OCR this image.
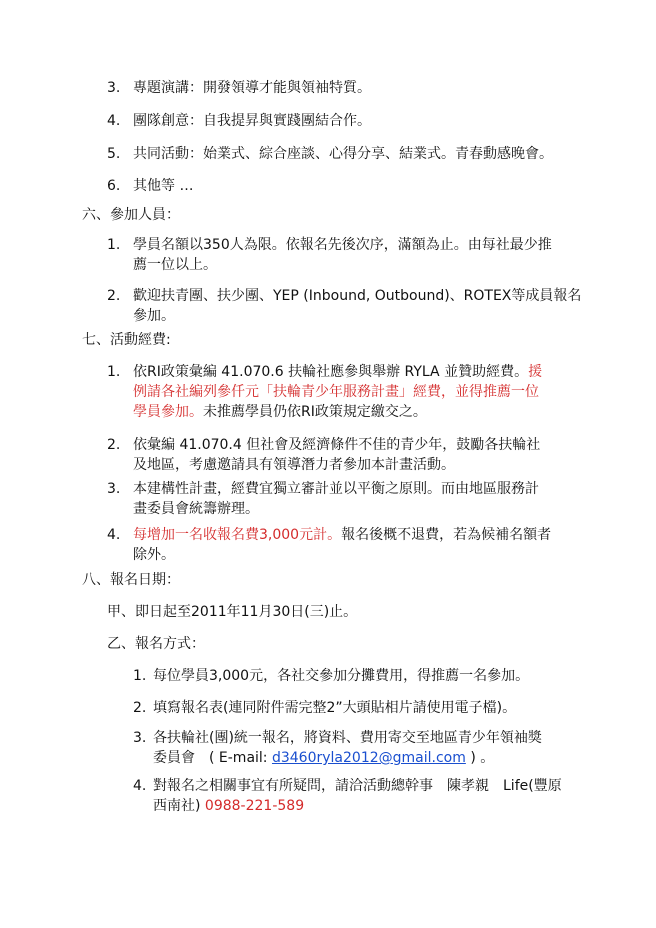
3. 專題演講：開發領導才能與領袖特質。
4. 團隊創意：自我提昇與實踐團結合作。
5. 共同活動：始業式、綜合座談、心得分享、結業式。青春動感晚會。
6. 其他等 …
六、參加人員：
1. 學員名額以350人為限。依報名先後次序，滿額為止。由每社最少推
薦一位以上。
2. 歡迎扶青團、扶少團、YEP (Inbound, Outbound)、ROTEX等成員報名
參加。
七、活動經費:
1. 依RI政策彙編 41.070.6 扶輪社應參與舉辦 RYLA 並贊助經費。援
例請各社編列參仟元「扶輪青少年服務計畫」經費，並得推薦一位
學員參加。未推薦學員仍依RI政策規定繳交之。
2. 依彙編 41.070.4 但社會及經濟條件不佳的青少年，鼓勵各扶輪社
及地區，考慮邀請具有領導潛力者參加本計畫活動。
3. 本建構性計畫，經費宜獨立審計並以平衡之原則。而由地區服務計
畫委員會統籌辦理。
4. 每增加一名收報名費3,000元計。報名後概不退費，若為候補名額者
除外。
八、報名日期：
甲、即日起至2011年11月30日(三)止。
乙、報名方式：
1. 每位學員3,000元，各社交參加分攤費用，得推薦一名參加。
2. 填寫報名表(連同附件需完整2”大頭貼相片請使用電子檔)。
3. 各扶輪社(團)統一報名，將資料、費用寄交至地區青少年領袖獎
委員會　( E-mail: d3460ryla2012@gmail.com ) 。
4. 對報名之相關事宜有所疑問，請洽活動總幹事　陳孝親　Life(豐原
西南社) 0988-221-589
